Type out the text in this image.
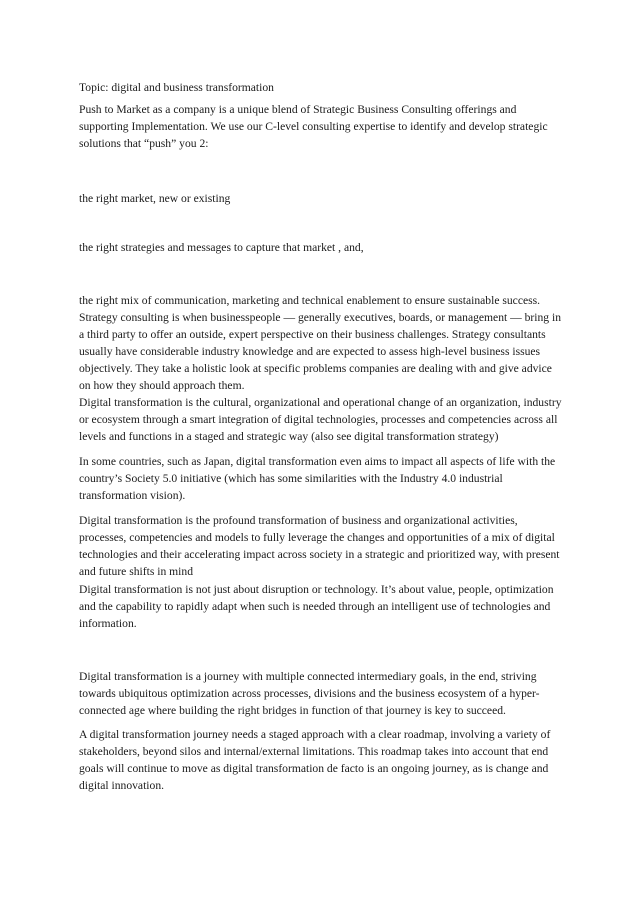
Topic: digital and business transformation

Push to Market as a company is a unique blend of Strategic Business Consulting offerings and supporting Implementation. We use our C-level consulting expertise to identify and develop strategic solutions that “push” you 2:

the right market, new or existing

the right strategies and messages to capture that market , and,

the right mix of communication, marketing and technical enablement to ensure sustainable success. Strategy consulting is when businesspeople — generally executives, boards, or management — bring in a third party to offer an outside, expert perspective on their business challenges. Strategy consultants usually have considerable industry knowledge and are expected to assess high-level business issues objectively. They take a holistic look at specific problems companies are dealing with and give advice on how they should approach them.

Digital transformation is the cultural, organizational and operational change of an organization, industry or ecosystem through a smart integration of digital technologies, processes and competencies across all levels and functions in a staged and strategic way (also see digital transformation strategy)

In some countries, such as Japan, digital transformation even aims to impact all aspects of life with the country’s Society 5.0 initiative (which has some similarities with the Industry 4.0 industrial transformation vision).

Digital transformation is the profound transformation of business and organizational activities, processes, competencies and models to fully leverage the changes and opportunities of a mix of digital technologies and their accelerating impact across society in a strategic and prioritized way, with present and future shifts in mind

Digital transformation is not just about disruption or technology. It’s about value, people, optimization and the capability to rapidly adapt when such is needed through an intelligent use of technologies and information.

Digital transformation is a journey with multiple connected intermediary goals, in the end, striving towards ubiquitous optimization across processes, divisions and the business ecosystem of a hyper-connected age where building the right bridges in function of that journey is key to succeed.

A digital transformation journey needs a staged approach with a clear roadmap, involving a variety of stakeholders, beyond silos and internal/external limitations. This roadmap takes into account that end goals will continue to move as digital transformation de facto is an ongoing journey, as is change and digital innovation.
